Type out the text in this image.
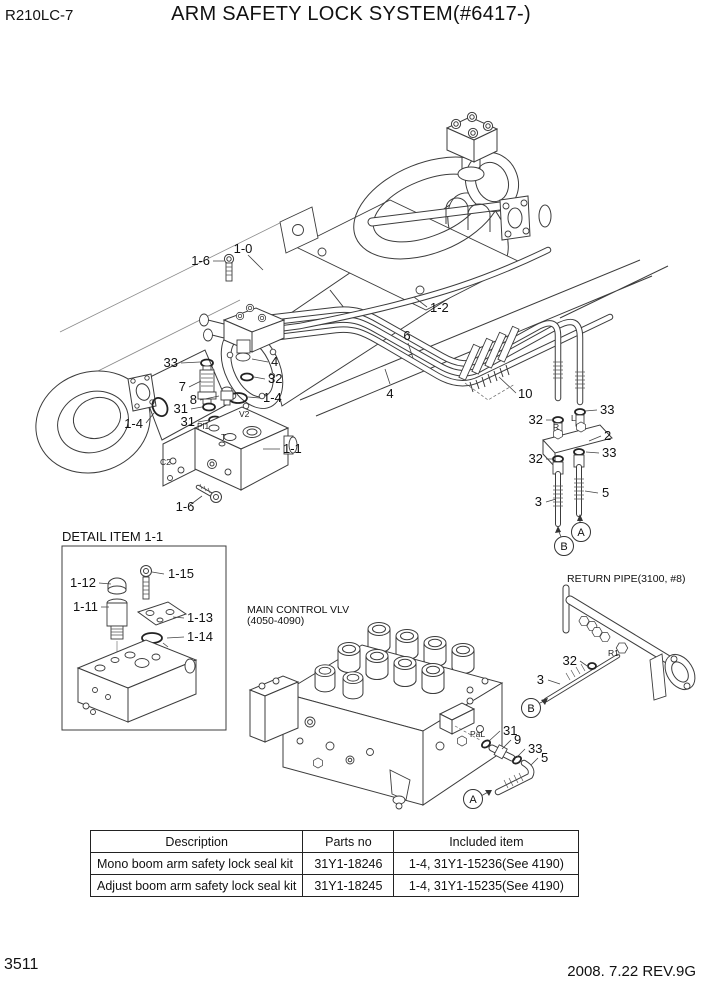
R210LC-7	ARM SAFETY LOCK SYSTEM(#6417-)
DETAIL ITEM 1-1
MAIN CONTROL VLV
(4050-4090)
RETURN PIPE(3100, #8)
B
A
B
A
1-6
1-0
1-2
6
4	10
33
7
8
31
31
1-4
4
32
1-4
1-1
1-6
32
33
2
33
32
3
5
1-12
1-11
1-15
1-13
1-14
31
9
33
5
32
3
Pi1
T
V2
C2
R
L
PaL
R1
Description	Parts no	Included item
Mono boom arm safety lock seal kit	31Y1-18246	1-4, 31Y1-15236(See 4190)
Adjust boom arm safety lock seal kit	31Y1-18245	1-4, 31Y1-15235(See 4190)
3511	2008. 7.22 REV.9G
